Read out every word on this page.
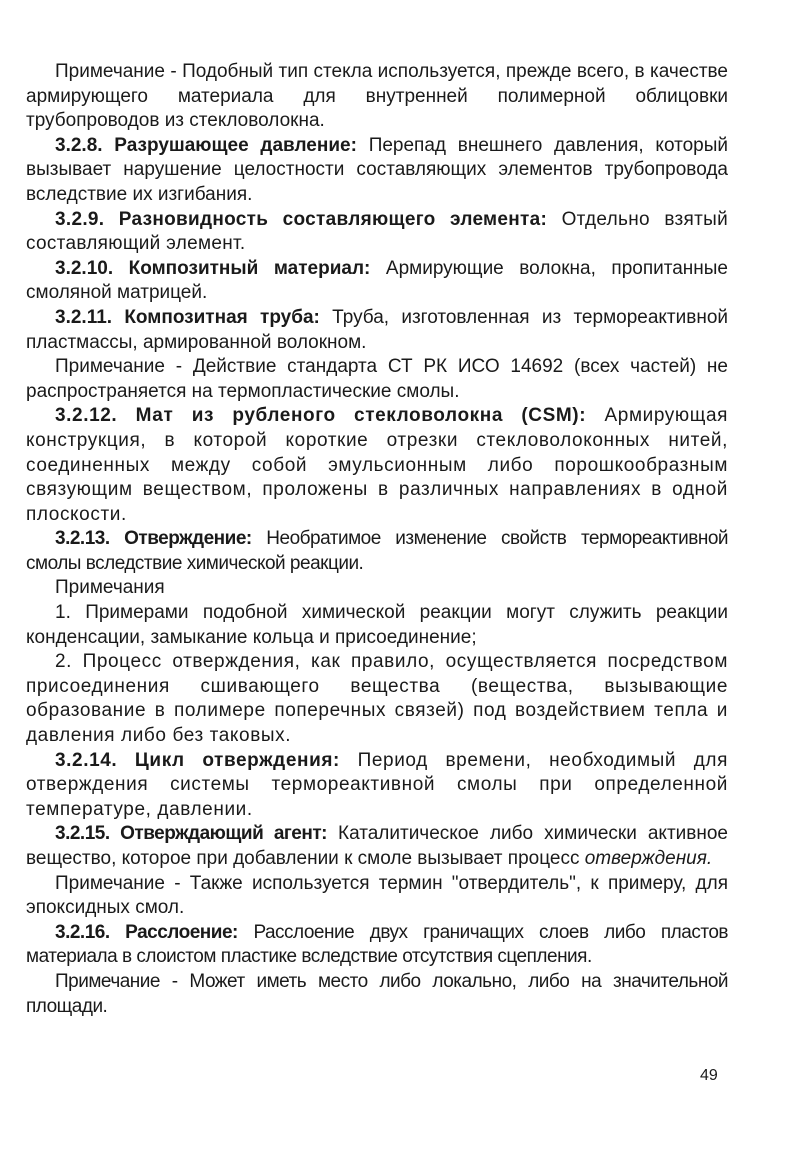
Примечание - Подобный тип стекла используется, прежде всего, в качестве армирующего материала для внутренней полимерной облицовки трубопроводов из стекловолокна.

3.2.8. Разрушающее давление: Перепад внешнего давления, который вызывает нарушение целостности составляющих элементов трубопровода вследствие их изгибания.

3.2.9. Разновидность составляющего элемента: Отдельно взятый составляющий элемент.

3.2.10. Композитный материал: Армирующие волокна, пропитанные смоляной матрицей.

3.2.11. Композитная труба: Труба, изготовленная из термореактивной пластмассы, армированной волокном.

Примечание - Действие стандарта СТ РК ИСО 14692 (всех частей) не распространяется на термопластические смолы.

3.2.12. Мат из рубленого стекловолокна (CSM): Армирующая конструкция, в которой короткие отрезки стекловолоконных нитей, соединенных между собой эмульсионным либо порошкообразным связующим веществом, проложены в различных направлениях в одной плоскости.

3.2.13. Отверждение: Необратимое изменение свойств термореактивной смолы вследствие химической реакции.

Примечания

1. Примерами подобной химической реакции могут служить реакции конденсации, замыкание кольца и присоединение;

2. Процесс отверждения, как правило, осуществляется посредством присоединения сшивающего вещества (вещества, вызывающие образование в полимере поперечных связей) под воздействием тепла и давления либо без таковых.

3.2.14. Цикл отверждения: Период времени, необходимый для отверждения системы термореактивной смолы при определенной температуре, давлении.

3.2.15. Отверждающий агент: Каталитическое либо химически активное вещество, которое при добавлении к смоле вызывает процесс отверждения.

Примечание - Также используется термин "отвердитель", к примеру, для эпоксидных смол.

3.2.16. Расслоение: Расслоение двух граничащих слоев либо пластов материала в слоистом пластике вследствие отсутствия сцепления.

Примечание - Может иметь место либо локально, либо на значительной площади.

49
